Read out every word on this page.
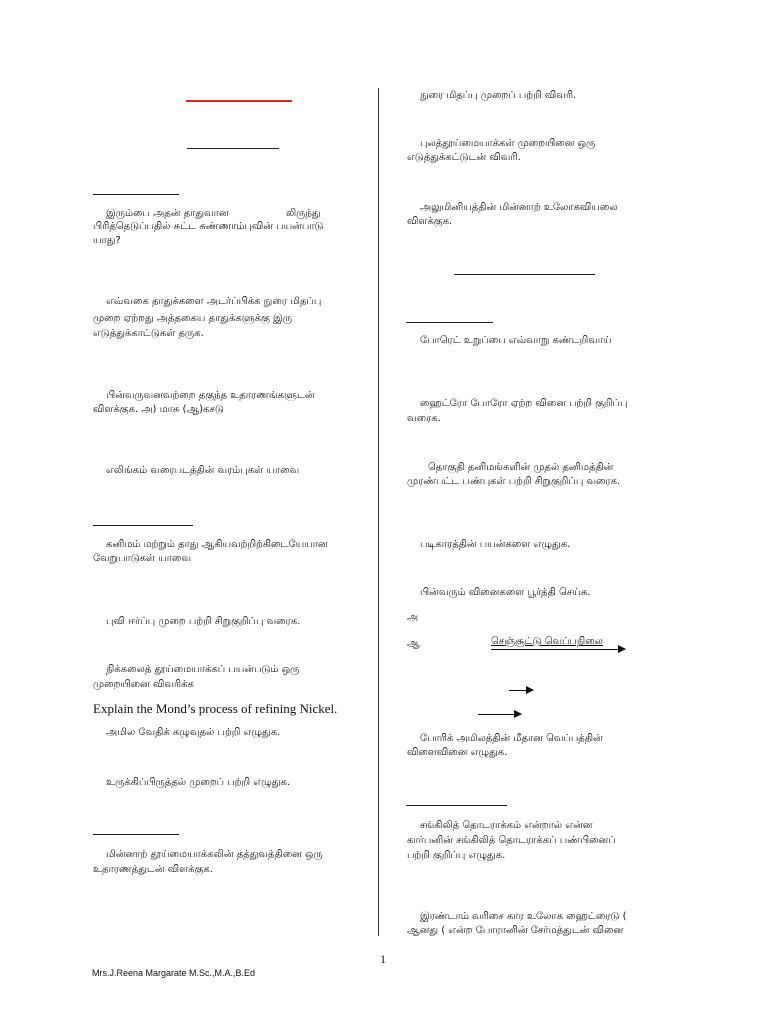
இரும்பை அதன் தாதுவான	லிருந்து
பிரித்தெடுப்பதில் சுட்ட சுண்ணாம்புவின் பயன்பாடு
யாது?
எவ்வகை தாதுக்களை அடர்ப்பிக்க நுரை மிதப்பு
முறை ஏற்றது அத்தகைய தாதுக்களுக்கு இரு
எடுத்துக்காட்டுகள் தருக.
பின்வருவனவற்றை தகுந்த உதாரணங்களுடன்
விளக்குக. அ) மாசு (ஆ)கசடு
எலிங்கம் வரைபடத்தின் வரம்புகள் யாவை
கனிமம் மற்றும் தாது ஆகியவற்றிற்கிடையேயான
வேறுபாடுகள் யாவை
புவி ஈர்ப்பு முறை பற்றி சிறுகுறிப்பு வரைக.
நிக்கலைத் தூய்மையாக்கப் பயன்படும் ஒரு
முறையினை விவரிக்க
Explain the Mond’s process of refining Nickel.
அமில வேதிக் கழுவுதல் பற்றி எழுதுக.
உருக்கிப்பிருத்தல் முறைப் பற்றி எழுதுக.
மின்னாற் தூய்மையாக்கலின் தத்துவத்தினை ஒரு
உதாரணத்துடன் விளக்குக.
நுரை மிதப்பு முறைப் பற்றி விவரி.
புலத்தூய்மையாக்கள் முறையினை ஒரு
எடுத்துக்கட்டுடன் விவரி.
அலுமினியத்தின் மின்னாற் உலோகவியலை
விளக்குக.
போரெட் உறுப்பை எவ்வாறு கண்டறிவாய்
ஹைட்ரோ போரோ ஏற்ற வினை பற்றி குறிப்பு
வரைக.
தொகுதி தனிமங்களின் முதல் தனிமத்தின்
முரண்பட்ட பண்புகள் பற்றி சிறுகுறிப்பு வரைக.
படிகாரத்தின் பயன்களை எழுதுக.
பின்வரும் வினைகளை பூர்த்தி செய்க.
அ
ஆ	செஞ்சூட்டு வெப்பநிலை
போரிக் அமிலத்தின் மீதான வெப்பத்தின்
விளைவினை எழுதுக.
சங்கிலித் தொடராக்கம் என்றால் என்ன
கார்பனின் சங்கிலித் தொடராக்கப் பண்பினைப்
பற்றி குறிப்பு எழுதுக.
இரண்டாம் வரிசை கார உலோக ஹைட்ரைடு (
ஆனது ( என்ற போரானின் சேர்மத்துடன் வினை
1
Mrs.J.Reena Margarate M.Sc.,M.A.,B.Ed
